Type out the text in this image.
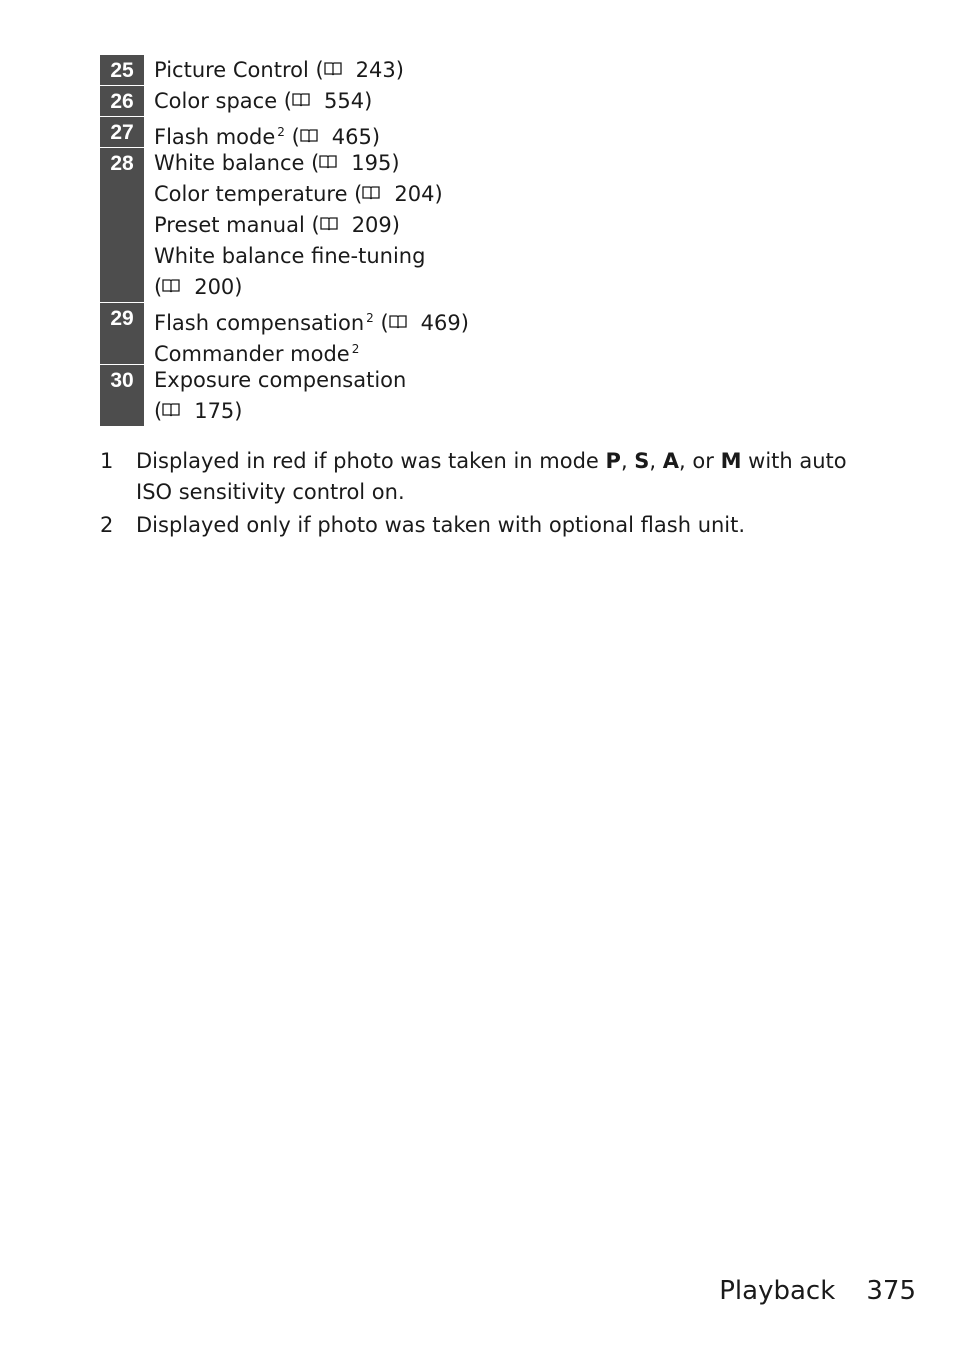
25 Picture Control ( 243)
26 Color space ( 554)
27 Flash mode $^2$ ( 465)
28 White balance ( 195)
Color temperature ( 204)
Preset manual ( 209)
White balance fine-tuning
( 200)
29 Flash compensation $^2$ ( 469)
Commander mode $^2$
30 Exposure compensation
( 175)
1	Displayed in red if photo was taken in mode P, S, A, or M with auto ISO sensitivity control on.
2	Displayed only if photo was taken with optional flash unit.
Playback 375
